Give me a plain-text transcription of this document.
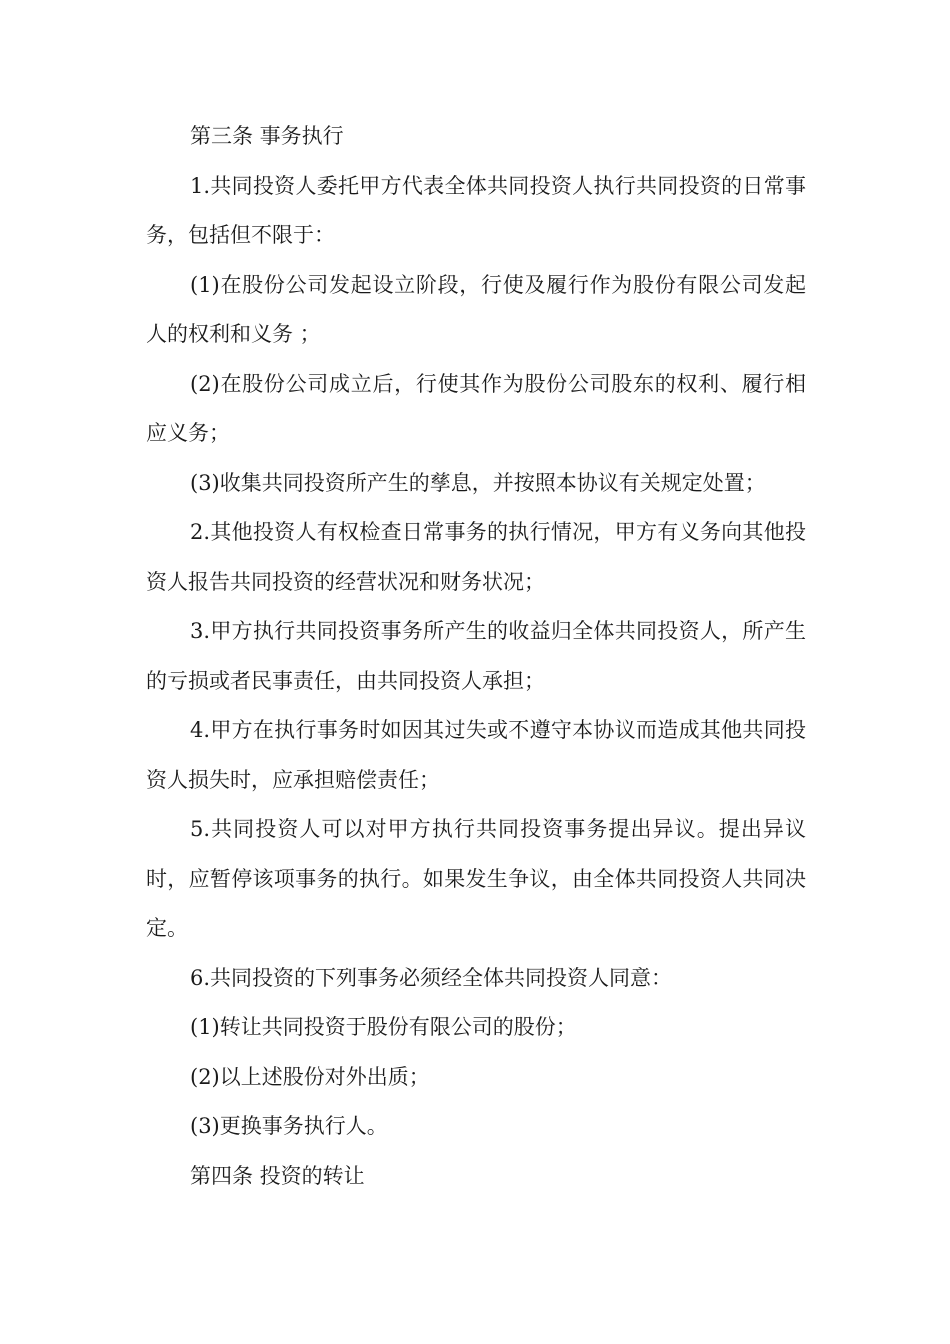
第三条 事务执行

1.共同投资人委托甲方代表全体共同投资人执行共同投资的日常事务，包括但不限于：

(1)在股份公司发起设立阶段，行使及履行作为股份有限公司发起人的权利和义务 ；

(2)在股份公司成立后，行使其作为股份公司股东的权利、履行相应义务；

(3)收集共同投资所产生的孳息，并按照本协议有关规定处置；

2.其他投资人有权检查日常事务的执行情况，甲方有义务向其他投资人报告共同投资的经营状况和财务状况；

3.甲方执行共同投资事务所产生的收益归全体共同投资人，所产生的亏损或者民事责任，由共同投资人承担；

4.甲方在执行事务时如因其过失或不遵守本协议而造成其他共同投资人损失时，应承担赔偿责任；

5.共同投资人可以对甲方执行共同投资事务提出异议。提出异议时，应暂停该项事务的执行。如果发生争议，由全体共同投资人共同决定。

6.共同投资的下列事务必须经全体共同投资人同意：

(1)转让共同投资于股份有限公司的股份；

(2)以上述股份对外出质；

(3)更换事务执行人。

第四条 投资的转让
